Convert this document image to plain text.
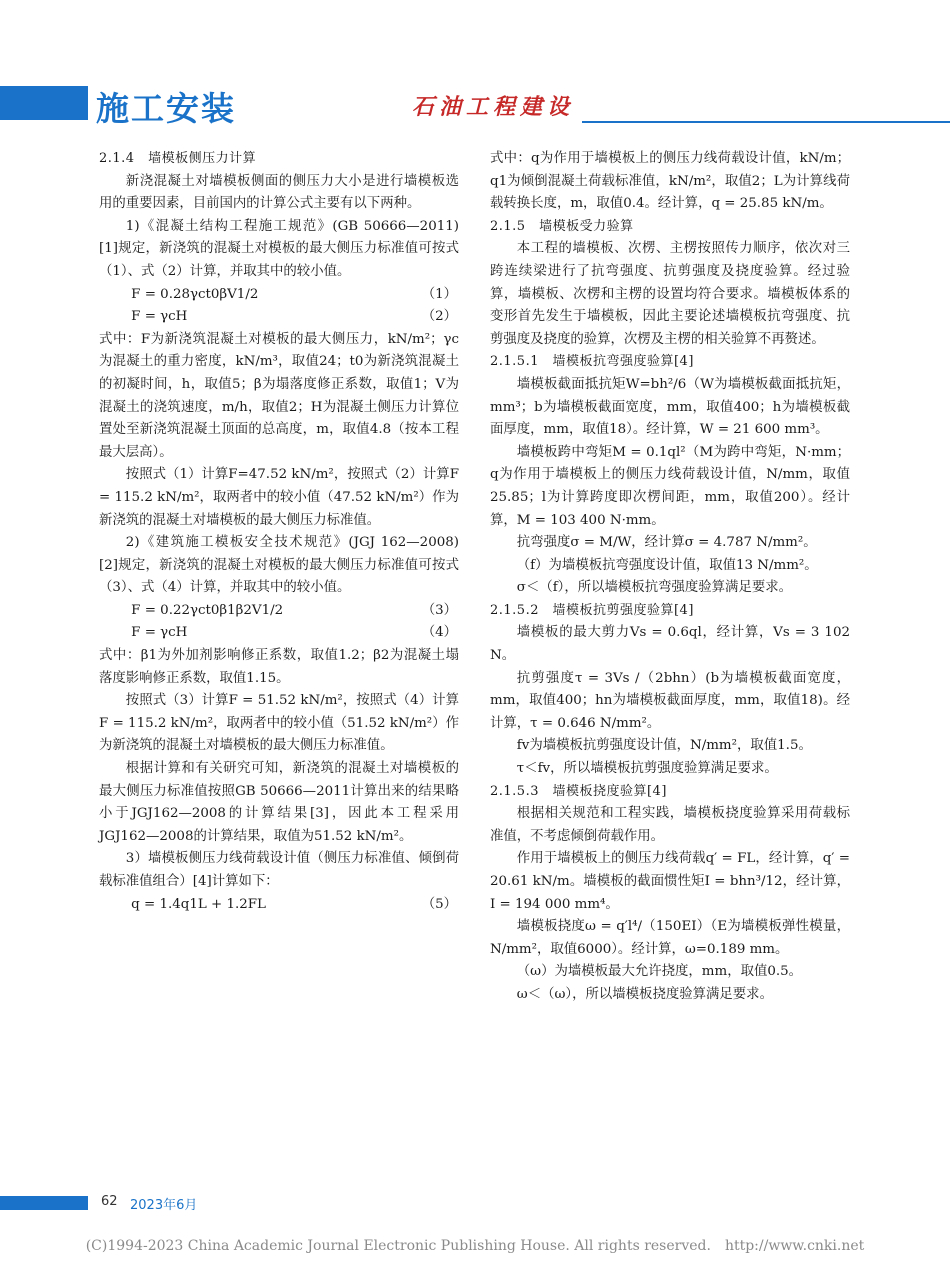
施工安装	石油工程建设

2.1.4　墙模板侧压力计算

新浇混凝土对墙模板侧面的侧压力大小是进行墙模板选用的重要因素，目前国内的计算公式主要有以下两种。

1)《混凝土结构工程施工规范》(GB 50666—2011) [1]规定，新浇筑的混凝土对模板的最大侧压力标准值可按式（1）、式（2）计算，并取其中的较小值。

F = 0.28γct0βV1/2	（1）

F = γcH	（2）

式中：F为新浇筑混凝土对模板的最大侧压力，kN/m²；γc为混凝土的重力密度，kN/m³，取值24；t0为新浇筑混凝土的初凝时间，h，取值5；β为塌落度修正系数，取值1；V为混凝土的浇筑速度，m/h，取值2；H为混凝土侧压力计算位置处至新浇筑混凝土顶面的总高度，m，取值4.8（按本工程最大层高）。

按照式（1）计算F=47.52 kN/m²，按照式（2）计算F = 115.2 kN/m²，取两者中的较小值（47.52 kN/m²）作为新浇筑的混凝土对墙模板的最大侧压力标准值。

2)《建筑施工模板安全技术规范》(JGJ 162—2008) [2]规定，新浇筑的混凝土对模板的最大侧压力标准值可按式（3）、式（4）计算，并取其中的较小值。

F = 0.22γct0β1β2V1/2	（3）

F = γcH	（4）

式中：β1为外加剂影响修正系数，取值1.2；β2为混凝土塌落度影响修正系数，取值1.15。

按照式（3）计算F = 51.52 kN/m²，按照式（4）计算F = 115.2 kN/m²，取两者中的较小值（51.52 kN/m²）作为新浇筑的混凝土对墙模板的最大侧压力标准值。

根据计算和有关研究可知，新浇筑的混凝土对墙模板的最大侧压力标准值按照GB 50666—2011计算出来的结果略小于JGJ162—2008的计算结果[3]，因此本工程采用JGJ162—2008的计算结果，取值为51.52 kN/m²。

3）墙模板侧压力线荷载设计值（侧压力标准值、倾倒荷载标准值组合）[4]计算如下：

q = 1.4q1L + 1.2FL	（5）

式中：q为作用于墙模板上的侧压力线荷载设计值，kN/m；q1为倾倒混凝土荷载标准值，kN/m²，取值2；L为计算线荷载转换长度，m，取值0.4。经计算，q = 25.85 kN/m。

2.1.5　墙模板受力验算

本工程的墙模板、次楞、主楞按照传力顺序，依次对三跨连续梁进行了抗弯强度、抗剪强度及挠度验算。经过验算，墙模板、次楞和主楞的设置均符合要求。墙模板体系的变形首先发生于墙模板，因此主要论述墙模板抗弯强度、抗剪强度及挠度的验算，次楞及主楞的相关验算不再赘述。

2.1.5.1　墙模板抗弯强度验算[4]

墙模板截面抵抗矩W=bh²/6（W为墙模板截面抵抗矩，mm³；b为墙模板截面宽度，mm，取值400；h为墙模板截面厚度，mm，取值18）。经计算，W = 21 600 mm³。

墙模板跨中弯矩M = 0.1ql²（M为跨中弯矩，N·mm；q为作用于墙模板上的侧压力线荷载设计值，N/mm，取值25.85；l为计算跨度即次楞间距，mm，取值200）。经计算，M = 103 400 N·mm。

抗弯强度σ = M/W，经计算σ = 4.787 N/mm²。

（f）为墙模板抗弯强度设计值，取值13 N/mm²。

σ＜（f），所以墙模板抗弯强度验算满足要求。

2.1.5.2　墙模板抗剪强度验算[4]

墙模板的最大剪力Vs = 0.6ql，经计算，Vs = 3 102 N。

抗剪强度τ = 3Vs /（2bhn）(b为墙模板截面宽度，mm，取值400；hn为墙模板截面厚度，mm，取值18)。经计算，τ = 0.646 N/mm²。

fv为墙模板抗剪强度设计值，N/mm²，取值1.5。

τ＜fv，所以墙模板抗剪强度验算满足要求。

2.1.5.3　墙模板挠度验算[4]

根据相关规范和工程实践，墙模板挠度验算采用荷载标准值，不考虑倾倒荷载作用。

作用于墙模板上的侧压力线荷载q′ = FL，经计算，q′ = 20.61 kN/m。墙模板的截面惯性矩I = bhn³/12，经计算，I = 194 000 mm⁴。

墙模板挠度ω = q′l⁴/（150EI）（E为墙模板弹性模量，N/mm²，取值6000）。经计算，ω=0.189 mm。

（ω）为墙模板最大允许挠度，mm，取值0.5。

ω＜（ω），所以墙模板挠度验算满足要求。

62 2023年6月
(C)1994-2023 China Academic Journal Electronic Publishing House. All rights reserved.　http://www.cnki.net
